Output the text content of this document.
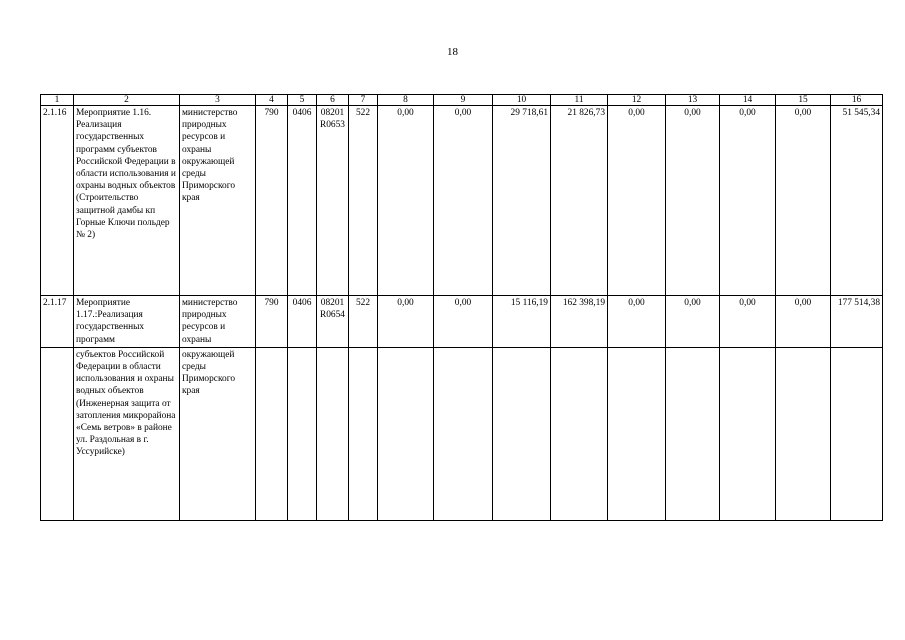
18
1	2	3	4	5	6	7	8	9	10	11	12	13	14	15	16
2.1.16	Мероприятие 1.16. Реализация государственных программ субъектов Российской Федерации в области использования и охраны водных объектов (Строительство защитной дамбы кп Горные Ключи польдер № 2)	министерство природных ресурсов и охраны окружающей среды Приморского края	790	0406	08201 R0653	522	0,00	0,00	29 718,61	21 826,73	0,00	0,00	0,00	0,00	51 545,34
2.1.17	Мероприятие 1.17.:Реализация государственных программ	министерство природных ресурсов и охраны	790	0406	08201 R0654	522	0,00	0,00	15 116,19	162 398,19	0,00	0,00	0,00	0,00	177 514,38
	субъектов Российской Федерации в области использования и охраны водных объектов (Инженерная защита от затопления микрорайона «Семь ветров» в районе ул. Раздольная в г. Уссурийске)	окружающей среды Приморского края													
